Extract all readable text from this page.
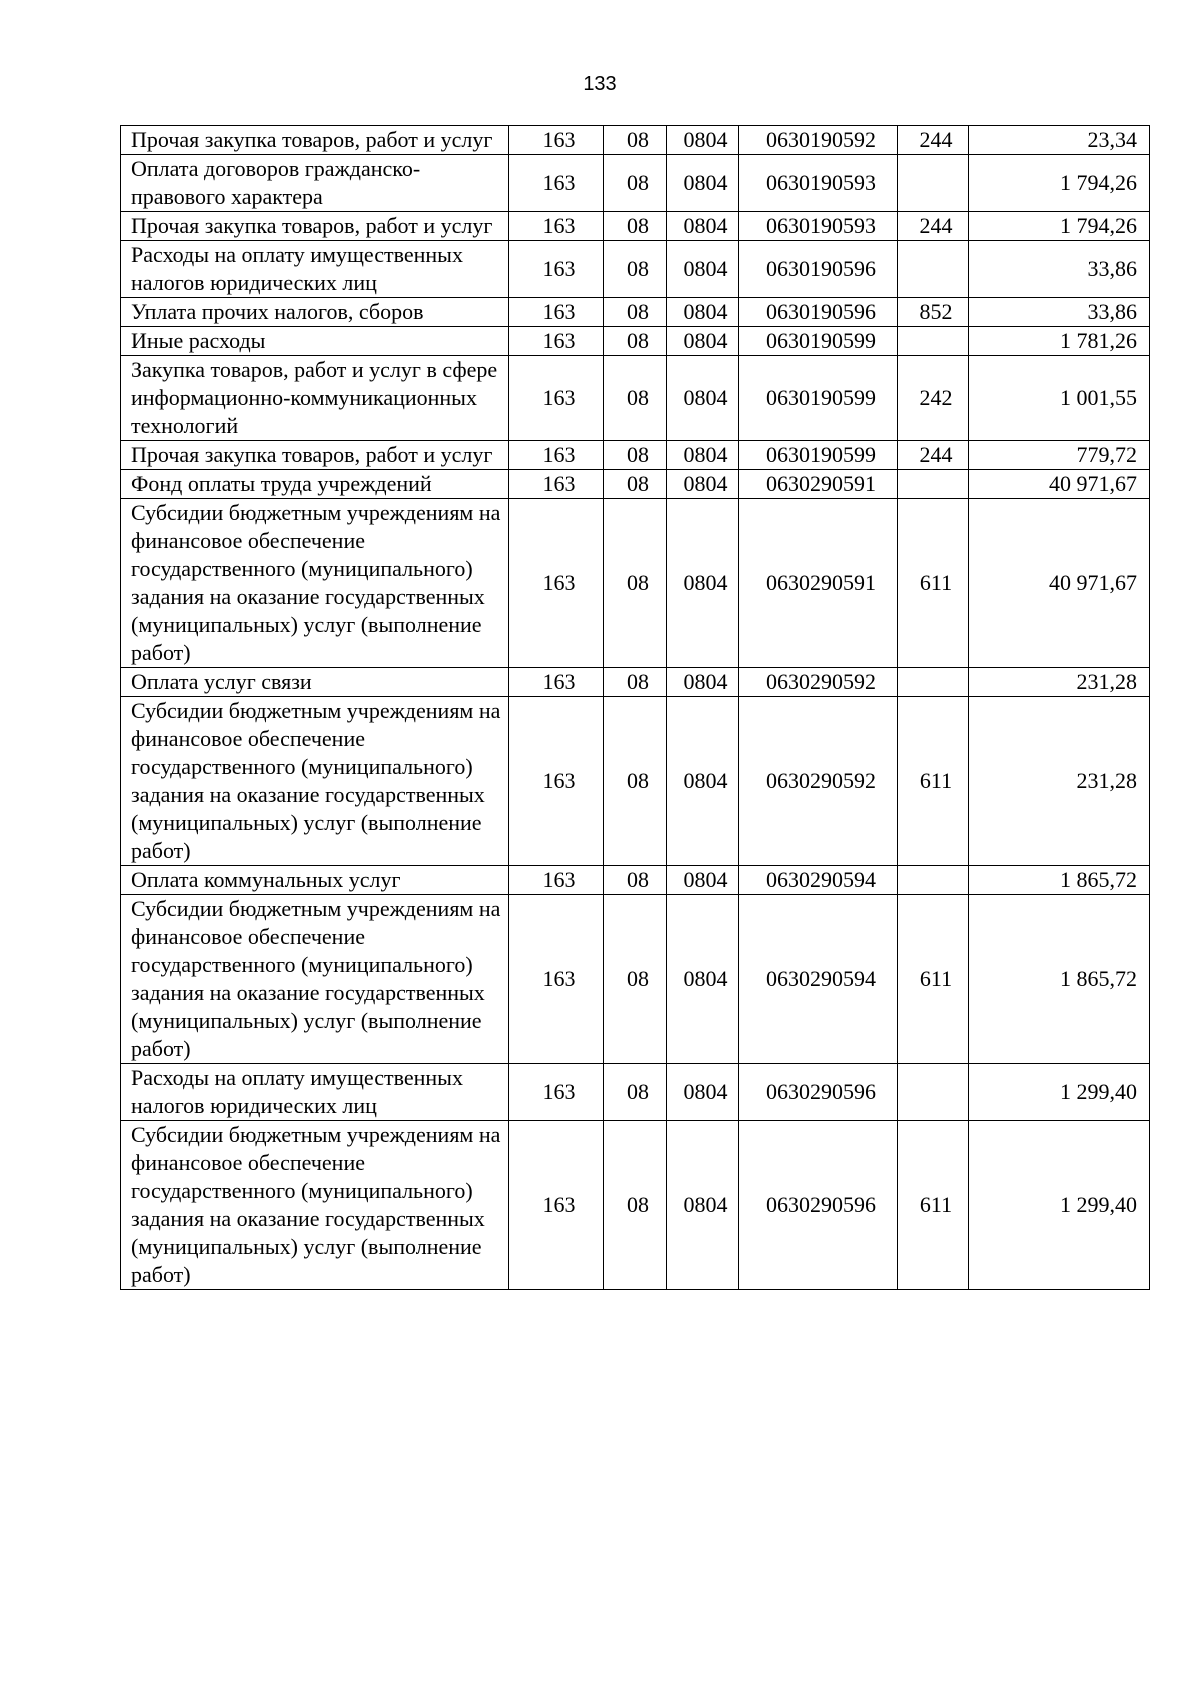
133
Прочая закупка товаров, работ и услуг	163	08	0804	0630190592	244	23,34
Оплата договоров гражданско-правового характера	163	08	0804	0630190593		1 794,26
Прочая закупка товаров, работ и услуг	163	08	0804	0630190593	244	1 794,26
Расходы на оплату имущественных налогов юридических лиц	163	08	0804	0630190596		33,86
Уплата прочих налогов, сборов	163	08	0804	0630190596	852	33,86
Иные расходы	163	08	0804	0630190599		1 781,26
Закупка товаров, работ и услуг в сфере информационно-коммуникационных технологий	163	08	0804	0630190599	242	1 001,55
Прочая закупка товаров, работ и услуг	163	08	0804	0630190599	244	779,72
Фонд оплаты труда учреждений	163	08	0804	0630290591		40 971,67
Субсидии бюджетным учреждениям на финансовое обеспечение государственного (муниципального) задания на оказание государственных (муниципальных) услуг (выполнение работ)	163	08	0804	0630290591	611	40 971,67
Оплата услуг связи	163	08	0804	0630290592		231,28
Субсидии бюджетным учреждениям на финансовое обеспечение государственного (муниципального) задания на оказание государственных (муниципальных) услуг (выполнение работ)	163	08	0804	0630290592	611	231,28
Оплата коммунальных услуг	163	08	0804	0630290594		1 865,72
Субсидии бюджетным учреждениям на финансовое обеспечение государственного (муниципального) задания на оказание государственных (муниципальных) услуг (выполнение работ)	163	08	0804	0630290594	611	1 865,72
Расходы на оплату имущественных налогов юридических лиц	163	08	0804	0630290596		1 299,40
Субсидии бюджетным учреждениям на финансовое обеспечение государственного (муниципального) задания на оказание государственных (муниципальных) услуг (выполнение работ)	163	08	0804	0630290596	611	1 299,40
